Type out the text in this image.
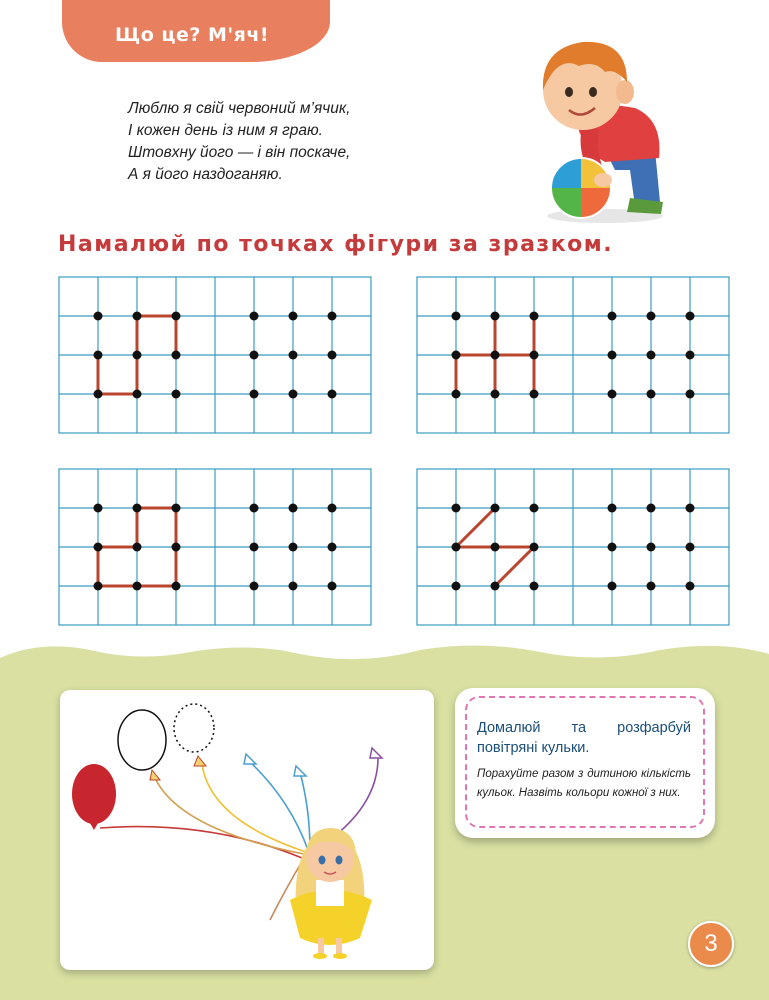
Що це? М'яч!
Люблю я свій червоний м’ячик,
І кожен день із ним я граю.
Штовхну його — і він поскаче,
А я його наздоганяю.
Намалюй по точках фігури за зразком.
Домалюй та розфарбуй повітряні кульки.
Порахуйте разом з дитиною кількість кульок. Назвіть кольори кожної з них.
3
